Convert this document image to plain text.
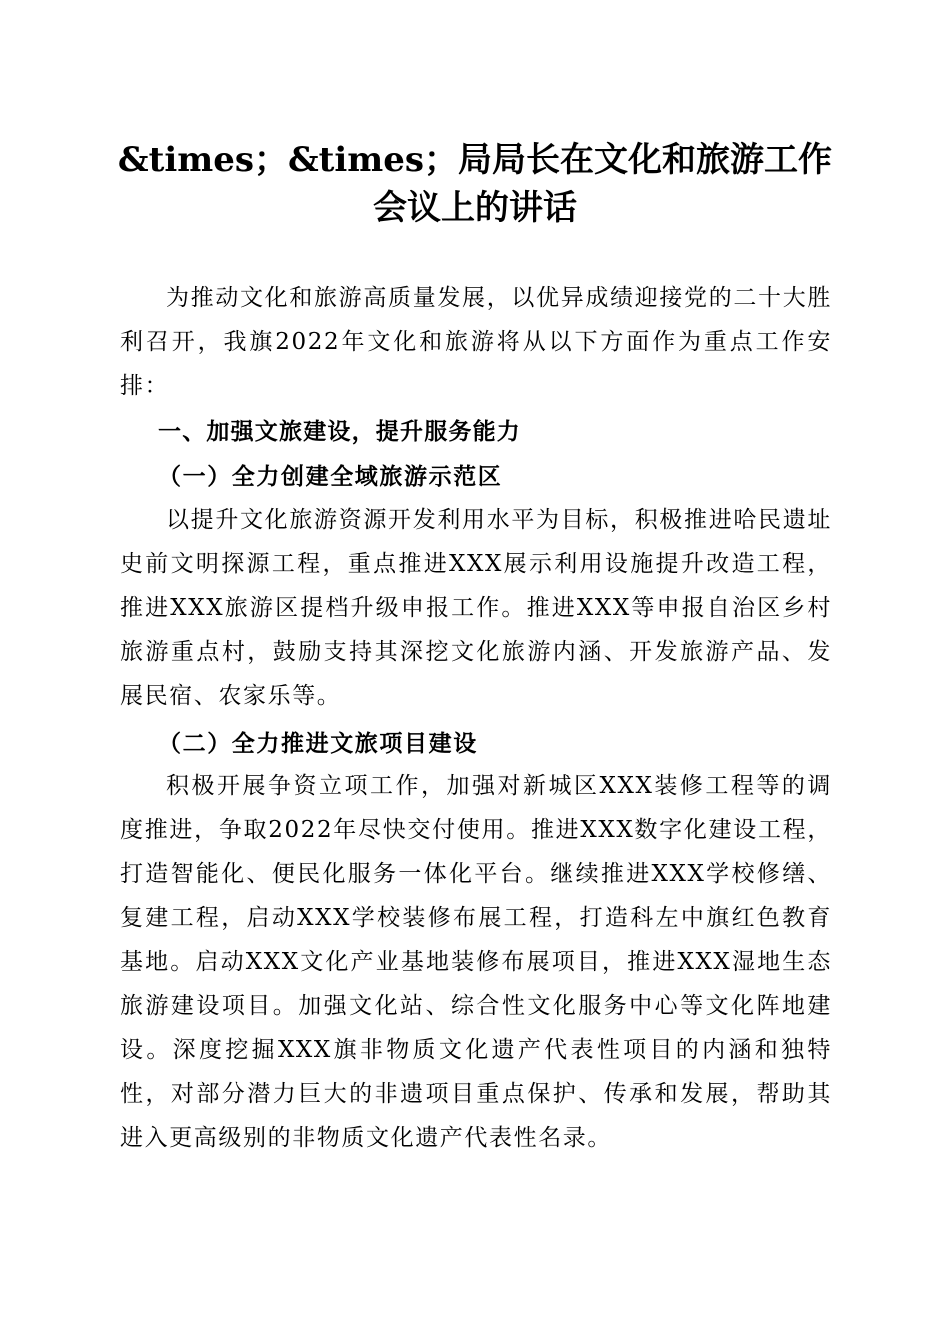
&times；&times；局局长在文化和旅游工作
会议上的讲话

为推动文化和旅游高质量发展，以优异成绩迎接党的二十大胜利召开，我旗2022年文化和旅游将从以下方面作为重点工作安排：

一、加强文旅建设，提升服务能力
（一）全力创建全域旅游示范区

以提升文化旅游资源开发利用水平为目标，积极推进哈民遗址史前文明探源工程，重点推进XXX展示利用设施提升改造工程，推进XXX旅游区提档升级申报工作。推进XXX等申报自治区乡村旅游重点村，鼓励支持其深挖文化旅游内涵、开发旅游产品、发展民宿、农家乐等。

（二）全力推进文旅项目建设

积极开展争资立项工作，加强对新城区XXX装修工程等的调度推进，争取2022年尽快交付使用。推进XXX数字化建设工程，打造智能化、便民化服务一体化平台。继续推进XXX学校修缮、复建工程，启动XXX学校装修布展工程，打造科左中旗红色教育基地。启动XXX文化产业基地装修布展项目，推进XXX湿地生态旅游建设项目。加强文化站、综合性文化服务中心等文化阵地建设。深度挖掘XXX旗非物质文化遗产代表性项目的内涵和独特性，对部分潜力巨大的非遗项目重点保护、传承和发展，帮助其进入更高级别的非物质文化遗产代表性名录。
